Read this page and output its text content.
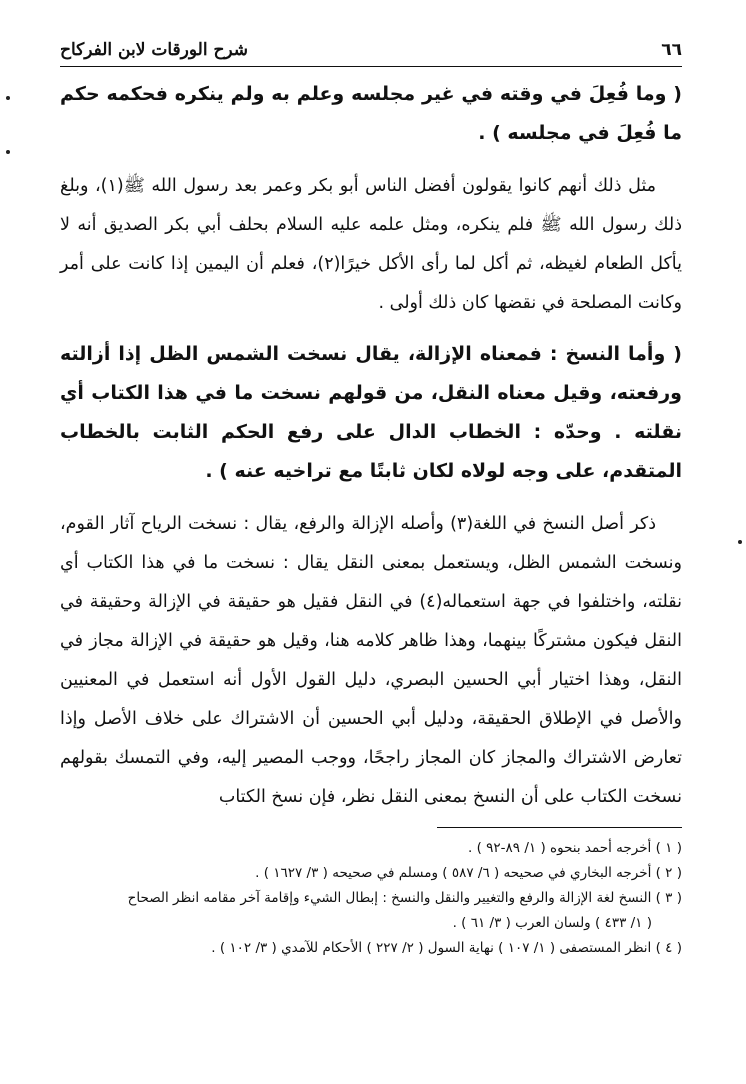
٦٦
شرح الورقات لابن الفركاح

( وما فُعِلَ في وقته في غير مجلسه وعلم به ولم ينكره فحكمه حكم ما فُعِلَ في مجلسه ) .

مثل ذلك أنهم كانوا يقولون أفضل الناس أبو بكر وعمر بعد رسول الله ﷺ(١)، وبلغ ذلك رسول الله ﷺ فلم ينكره، ومثل علمه عليه السلام بحلف أبي بكر الصديق أنه لا يأكل الطعام لغيظه، ثم أكل لما رأى الأكل خيرًا(٢)، فعلم أن اليمين إذا كانت على أمر وكانت المصلحة في نقضها كان ذلك أولى .

( وأما النسخ : فمعناه الإزالة، يقال نسخت الشمس الظل إذا أزالته ورفعته، وقيل معناه النقل، من قولهم نسخت ما في هذا الكتاب أي نقلته . وحدّه : الخطاب الدال على رفع الحكم الثابت بالخطاب المتقدم، على وجه لولاه لكان ثابتًا مع تراخيه عنه ) .

ذكر أصل النسخ في اللغة(٣) وأصله الإزالة والرفع، يقال : نسخت الرياح آثار القوم، ونسخت الشمس الظل، ويستعمل بمعنى النقل يقال : نسخت ما في هذا الكتاب أي نقلته، واختلفوا في جهة استعماله(٤) في النقل فقيل هو حقيقة في الإزالة وحقيقة في النقل فيكون مشتركًا بينهما، وهذا ظاهر كلامه هنا، وقيل هو حقيقة في الإزالة مجاز في النقل، وهذا اختيار أبي الحسين البصري، دليل القول الأول أنه استعمل في المعنيين والأصل في الإطلاق الحقيقة، ودليل أبي الحسين أن الاشتراك على خلاف الأصل وإذا تعارض الاشتراك والمجاز كان المجاز راجحًا، ووجب المصير إليه، وفي التمسك بقولهم نسخت الكتاب على أن النسخ بمعنى النقل نظر، فإن نسخ الكتاب

( ١ ) أخرجه أحمد بنحوه ( ١/ ٨٩-٩٢ ) .

( ٢ ) أخرجه البخاري في صحيحه ( ٦/ ٥٨٧ ) ومسلم في صحيحه ( ٣/ ١٦٢٧ ) .

( ٣ ) النسخ لغة الإزالة والرفع والتغيير والنقل والنسخ : إبطال الشيء وإقامة آخر مقامه انظر الصحاح

( ١/ ٤٣٣ ) ولسان العرب ( ٣/ ٦١ ) .

( ٤ ) انظر المستصفى ( ١/ ١٠٧ ) نهاية السول ( ٢/ ٢٢٧ ) الأحكام للآمدي ( ٣/ ١٠٢ ) .
